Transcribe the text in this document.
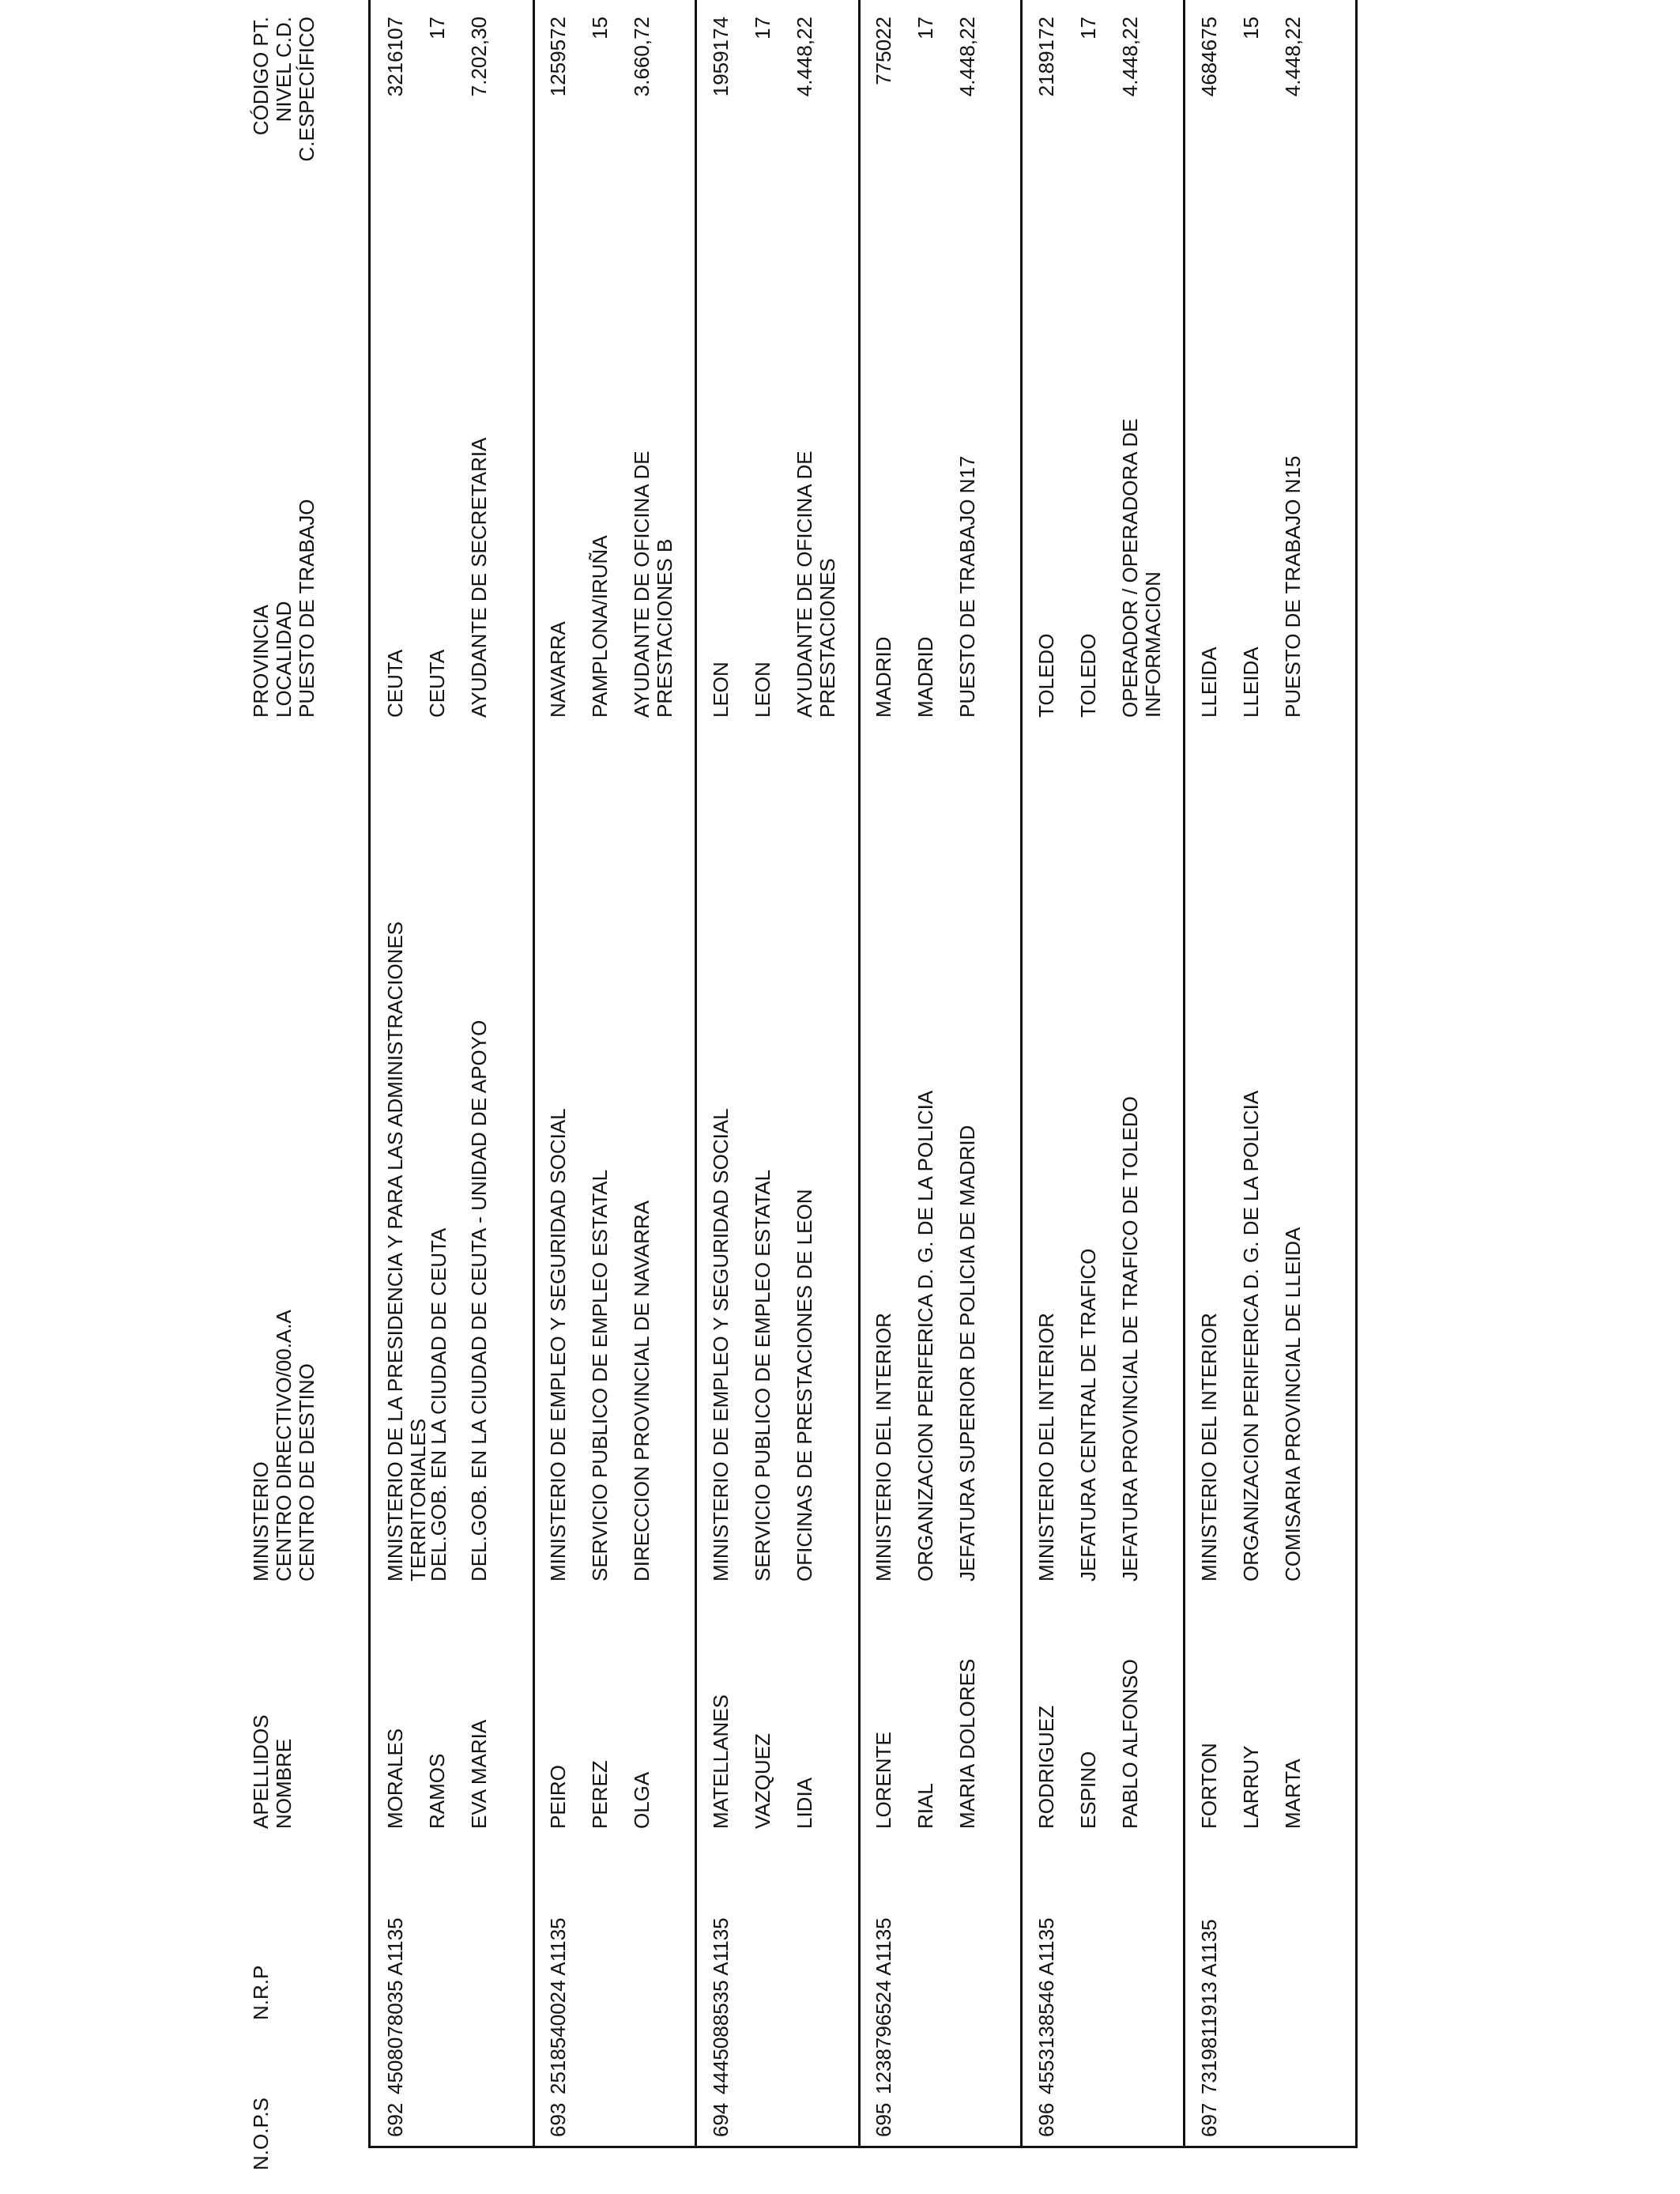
N.O.P.S
N.R.P
APELLIDOS NOMBRE
MINISTERIO CENTRO DIRECTIVO/00.A.A CENTRO DE DESTINO
PROVINCIA LOCALIDAD PUESTO DE TRABAJO
CÓDIGO PT. NIVEL C.D. C.ESPECÍFICO
692
4508078035 A1135
MORALES RAMOS EVA MARIA
MINISTERIO DE LA PRESIDENCIA Y PARA LAS ADMINISTRACIONES TERRITORIALES
DEL.GOB. EN LA CIUDAD DE CEUTA DEL.GOB. EN LA CIUDAD DE CEUTA - UNIDAD DE APOYO
CEUTA CEUTA AYUDANTE DE SECRETARIA
3216107 17 7.202,30
693
2518540024 A1135
PEIRO PEREZ OLGA
MINISTERIO DE EMPLEO Y SEGURIDAD SOCIAL SERVICIO PUBLICO DE EMPLEO ESTATAL DIRECCION PROVINCIAL DE NAVARRA
NAVARRA PAMPLONA/IRUÑA AYUDANTE DE OFICINA DE PRESTACIONES B
1259572 15 3.660,72
694
4445088535 A1135
MATELLANES VAZQUEZ LIDIA
MINISTERIO DE EMPLEO Y SEGURIDAD SOCIAL SERVICIO PUBLICO DE EMPLEO ESTATAL OFICINAS DE PRESTACIONES DE LEON
LEON LEON AYUDANTE DE OFICINA DE PRESTACIONES
1959174 17 4.448,22
695
1238796524 A1135
LORENTE RIAL MARIA DOLORES
MINISTERIO DEL INTERIOR ORGANIZACION PERIFERICA D. G. DE LA POLICIA JEFATURA SUPERIOR DE POLICIA DE MADRID
MADRID MADRID PUESTO DE TRABAJO N17
775022 17 4.448,22
696
4553138546 A1135
RODRIGUEZ ESPINO PABLO ALFONSO
MINISTERIO DEL INTERIOR JEFATURA CENTRAL DE TRAFICO JEFATURA PROVINCIAL DE TRAFICO DE TOLEDO
TOLEDO TOLEDO OPERADOR / OPERADORA DE INFORMACION
2189172 17 4.448,22
697
7319811913 A1135
FORTON LARRUY MARTA
MINISTERIO DEL INTERIOR ORGANIZACION PERIFERICA D. G. DE LA POLICIA COMISARIA PROVINCIAL DE LLEIDA
LLEIDA LLEIDA PUESTO DE TRABAJO N15
4684675 15 4.448,22
